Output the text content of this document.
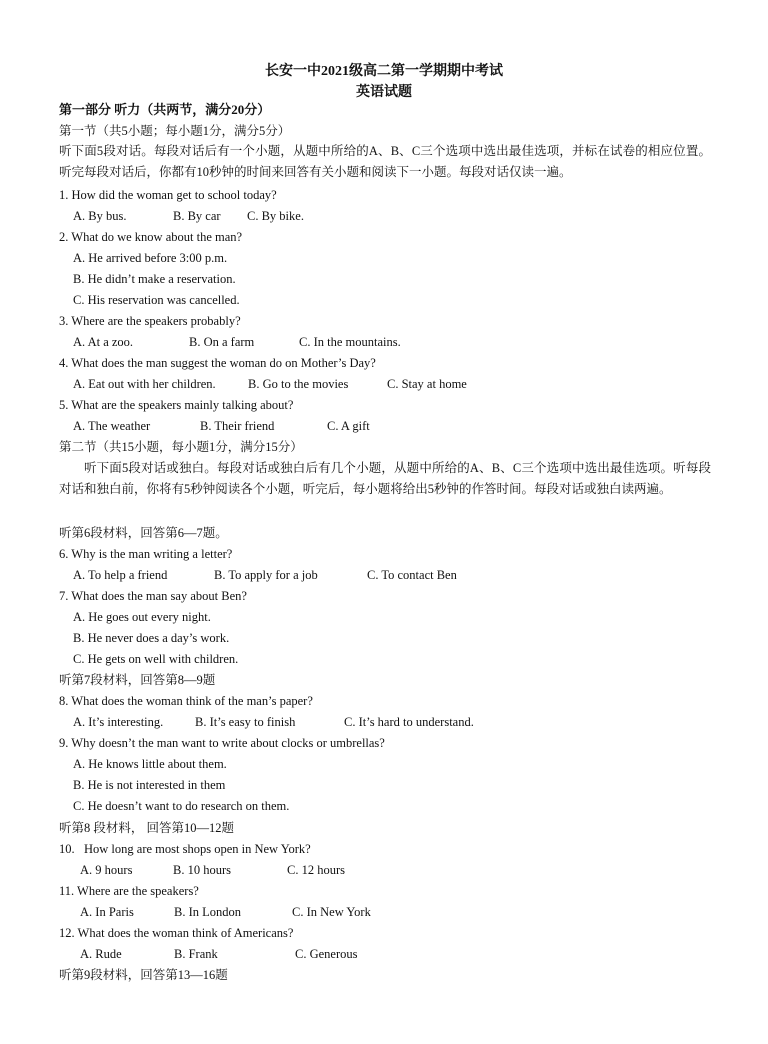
长安一中2021级高二第一学期期中考试
英语试题
第一部分 听力（共两节，满分20分）
第一节（共5小题；每小题1分，满分5分）
听下面5段对话。每段对话后有一个小题，从题中所给的A、B、C三个选项中选出最佳选项，并标在试卷的相应位置。听完每段对话后，你都有10秒钟的时间来回答有关小题和阅读下一小题。每段对话仅读一遍。
1. How did the woman get to school today?
A. By bus.	B. By car C. By bike.
2. What do we know about the man?
A. He arrived before 3:00 p.m.
B. He didn’t make a reservation.
C. His reservation was cancelled.
3. Where are the speakers probably?
A. At a zoo.	B. On a farm	C. In the mountains.
4. What does the man suggest the woman do on Mother’s Day?
A. Eat out with her children.	B. Go to the movies	C. Stay at home
5. What are the speakers mainly talking about?
A. The weather	B. Their friend	C. A gift
第二节（共15小题，每小题1分，满分15分）
听下面5段对话或独白。每段对话或独白后有几个小题，从题中所给的A、B、C三个选项中选出最佳选项。听每段对话和独白前，你将有5秒钟阅读各个小题，听完后，每小题将给出5秒钟的作答时间。每段对话或独白读两遍。
听第6段材料，回答第6—7题。
6. Why is the man writing a letter?
A. To help a friend	B. To apply for a job	C. To contact Ben
7. What does the man say about Ben?
A. He goes out every night.
B. He never does a day’s work.
C. He gets on well with children.
听第7段材料，回答第8—9题
8. What does the woman think of the man’s paper?
A. It’s interesting.	B. It’s easy to finish	C. It’s hard to understand.
9. Why doesn’t the man want to write about clocks or umbrellas?
A. He knows little about them.
B. He is not interested in them
C. He doesn’t want to do research on them.
听第8 段材料， 回答第10—12题
10.   How long are most shops open in New York?
A. 9 hours	B. 10 hours	C. 12 hours
11. Where are the speakers?
A. In Paris	B. In London	C. In New York
12. What does the woman think of Americans?
A. Rude	B. Frank	C. Generous
听第9段材料，回答第13—16题
